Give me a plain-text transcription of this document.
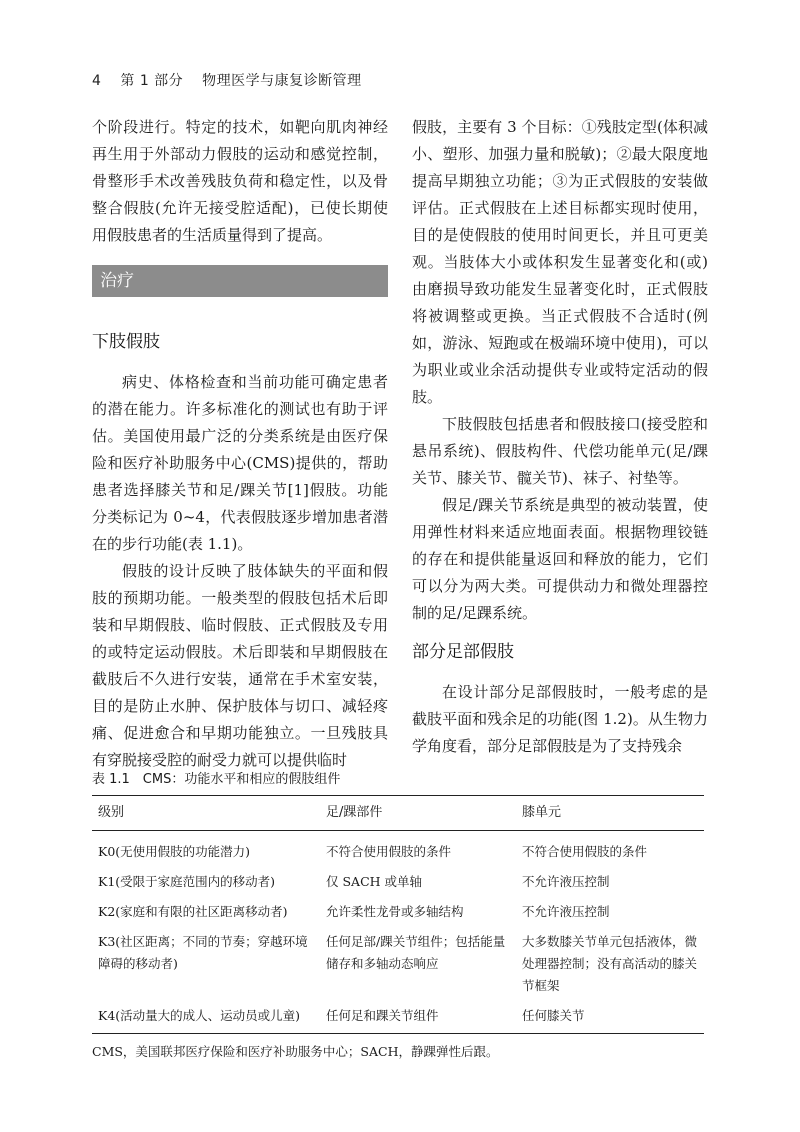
4 第 1 部分 物理医学与康复诊断管理

个阶段进行。特定的技术，如靶向肌肉神经再生用于外部动力假肢的运动和感觉控制，骨整形手术改善残肢负荷和稳定性，以及骨整合假肢(允许无接受腔适配)，已使长期使用假肢患者的生活质量得到了提高。

治疗
下肢假肢

病史、体格检查和当前功能可确定患者的潜在能力。许多标准化的测试也有助于评估。美国使用最广泛的分类系统是由医疗保险和医疗补助服务中心(CMS)提供的，帮助患者选择膝关节和足/踝关节[1]假肢。功能分类标记为 0~4，代表假肢逐步增加患者潜在的步行功能(表 1.1)。

假肢的设计反映了肢体缺失的平面和假肢的预期功能。一般类型的假肢包括术后即装和早期假肢、临时假肢、正式假肢及专用的或特定运动假肢。术后即装和早期假肢在截肢后不久进行安装，通常在手术室安装，目的是防止水肿、保护肢体与切口、减轻疼痛、促进愈合和早期功能独立。一旦残肢具有穿脱接受腔的耐受力就可以提供临时

假肢，主要有 3 个目标：①残肢定型(体积减小、塑形、加强力量和脱敏)；②最大限度地提高早期独立功能；③为正式假肢的安装做评估。正式假肢在上述目标都实现时使用，目的是使假肢的使用时间更长，并且可更美观。当肢体大小或体积发生显著变化和(或)由磨损导致功能发生显著变化时，正式假肢将被调整或更换。当正式假肢不合适时(例如，游泳、短跑或在极端环境中使用)，可以为职业或业余活动提供专业或特定活动的假肢。

下肢假肢包括患者和假肢接口(接受腔和悬吊系统)、假肢构件、代偿功能单元(足/踝关节、膝关节、髋关节)、袜子、衬垫等。

假足/踝关节系统是典型的被动装置，使用弹性材料来适应地面表面。根据物理铰链的存在和提供能量返回和释放的能力，它们可以分为两大类。可提供动力和微处理器控制的足/足踝系统。

部分足部假肢

在设计部分足部假肢时，一般考虑的是截肢平面和残余足的功能(图 1.2)。从生物力学角度看，部分足部假肢是为了支持残余

表 1.1　CMS：功能水平和相应的假肢组件
级别	足/踝部件	膝单元
K0(无使用假肢的功能潜力)	不符合使用假肢的条件	不符合使用假肢的条件
K1(受限于家庭范围内的移动者)	仅 SACH 或单轴	不允许液压控制
K2(家庭和有限的社区距离移动者)	允许柔性龙骨或多轴结构	不允许液压控制
K3(社区距离；不同的节奏；穿越环境障碍的移动者)	任何足部/踝关节组件；包括能量储存和多轴动态响应	大多数膝关节单元包括液体，微处理器控制；没有高活动的膝关节框架
K4(活动量大的成人、运动员或儿童)	任何足和踝关节组件	任何膝关节
CMS，美国联邦医疗保险和医疗补助服务中心；SACH，静踝弹性后跟。
